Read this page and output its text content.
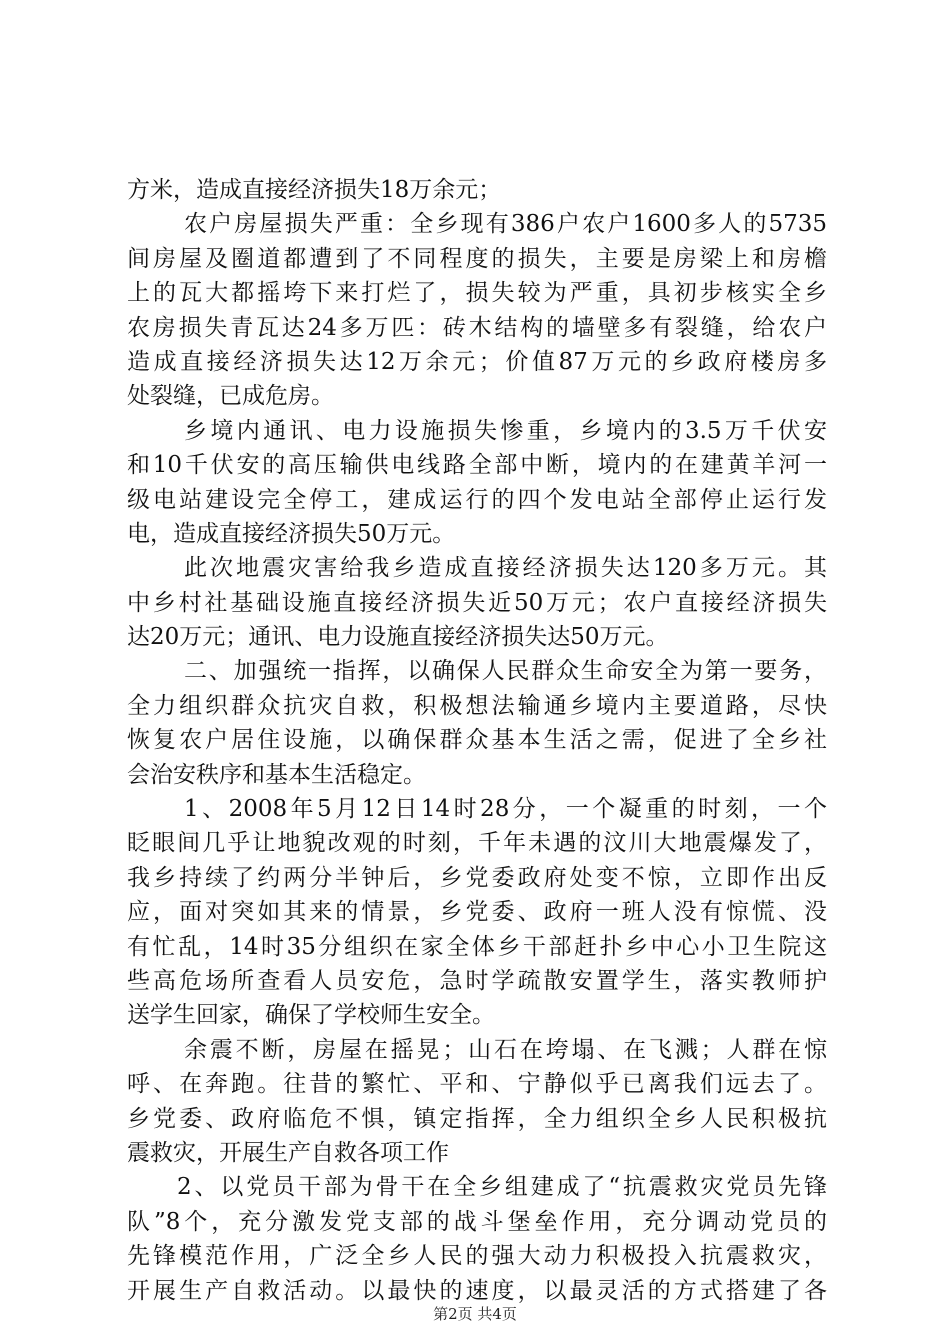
方米，造成直接经济损失18万余元；
农户房屋损失严重：全乡现有386户农户1600多人的5735
间房屋及圈道都遭到了不同程度的损失，主要是房梁上和房檐
上的瓦大都摇垮下来打烂了，损失较为严重，具初步核实全乡
农房损失青瓦达24多万匹：砖木结构的墙壁多有裂缝，给农户
造成直接经济损失达12万余元；价值87万元的乡政府楼房多
处裂缝，已成危房。
乡境内通讯、电力设施损失惨重，乡境内的3.5万千伏安
和10千伏安的高压输供电线路全部中断，境内的在建黄羊河一
级电站建设完全停工，建成运行的四个发电站全部停止运行发
电，造成直接经济损失50万元。
此次地震灾害给我乡造成直接经济损失达120多万元。其
中乡村社基础设施直接经济损失近50万元；农户直接经济损失
达20万元；通讯、电力设施直接经济损失达50万元。
二、加强统一指挥，以确保人民群众生命安全为第一要务，
全力组织群众抗灾自救，积极想法输通乡境内主要道路，尽快
恢复农户居住设施，以确保群众基本生活之需，促进了全乡社
会治安秩序和基本生活稳定。
1、2008年5月12日14时28分，一个凝重的时刻，一个
眨眼间几乎让地貌改观的时刻，千年未遇的汶川大地震爆发了，
我乡持续了约两分半钟后，乡党委政府处变不惊，立即作出反
应，面对突如其来的情景，乡党委、政府一班人没有惊慌、没
有忙乱，14时35分组织在家全体乡干部赶扑乡中心小卫生院这
些高危场所查看人员安危，急时学疏散安置学生，落实教师护
送学生回家，确保了学校师生安全。
余震不断，房屋在摇晃；山石在垮塌、在飞溅；人群在惊
呼、在奔跑。往昔的繁忙、平和、宁静似乎已离我们远去了。
乡党委、政府临危不惧，镇定指挥，全力组织全乡人民积极抗
震救灾，开展生产自救各项工作
2、以党员干部为骨干在全乡组建成了“抗震救灾党员先锋
队”8个，充分激发党支部的战斗堡垒作用，充分调动党员的
先锋模范作用，广泛全乡人民的强大动力积极投入抗震救灾，
开展生产自救活动。以最快的速度，以最灵活的方式搭建了各
第2页 共4页
